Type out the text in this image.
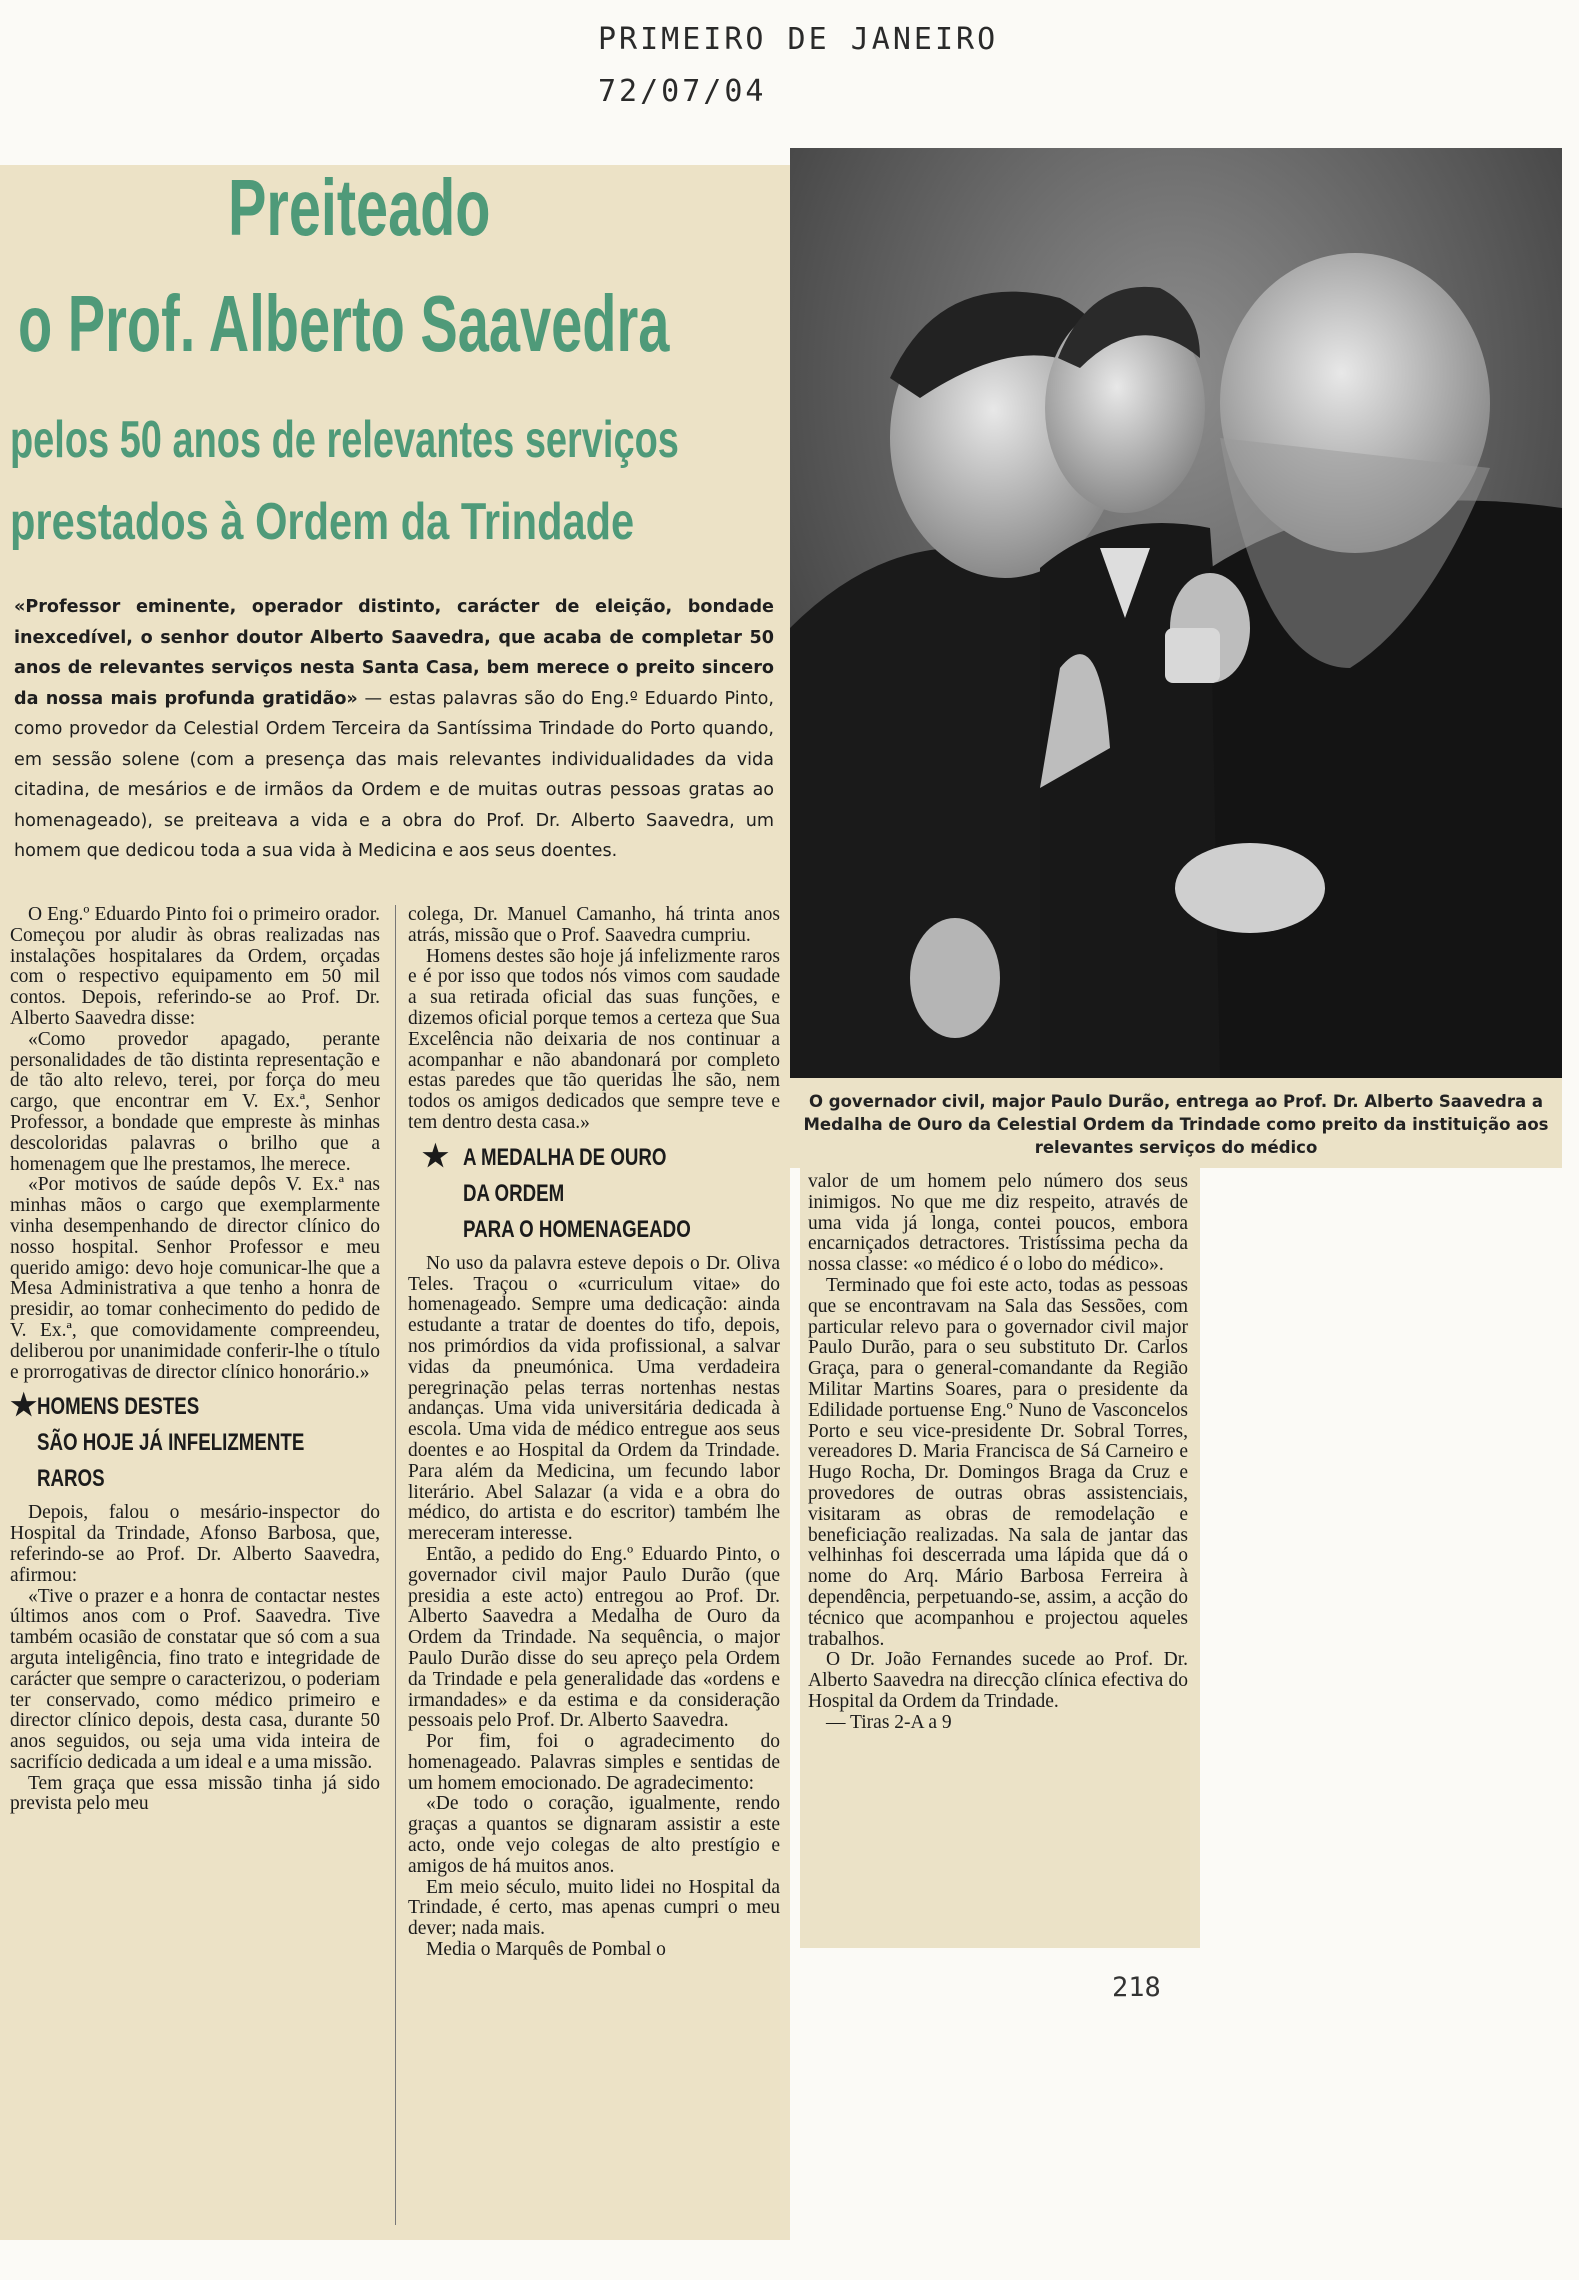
PRIMEIRO DE JANEIRO
72/07/04
Preiteado
o Prof. Alberto Saavedra
pelos 50 anos de relevantes serviços
prestados à Ordem da Trindade
«Professor eminente, operador distinto, carácter de eleição, bondade inexcedível, o senhor doutor Alberto Saavedra, que acaba de completar 50 anos de relevantes serviços nesta Santa Casa, bem merece o preito sincero da nossa mais profunda gratidão» — estas palavras são do Eng.º Eduardo Pinto, como provedor da Celestial Ordem Terceira da Santíssima Trindade do Porto quando, em sessão solene (com a presença das mais relevantes individualidades da vida citadina, de mesários e de irmãos da Ordem e de muitas outras pessoas gratas ao homenageado), se preiteava a vida e a obra do Prof. Dr. Alberto Saavedra, um homem que dedicou toda a sua vida à Medicina e aos seus doentes.

O Eng.º Eduardo Pinto foi o primeiro orador. Começou por aludir às obras realizadas nas instalações hospitalares da Ordem, orçadas com o respectivo equipamento em 50 mil contos. Depois, referindo-se ao Prof. Dr. Alberto Saavedra disse:

«Como provedor apagado, perante personalidades de tão distinta representação e de tão alto relevo, terei, por força do meu cargo, que encontrar em V. Ex.ª, Senhor Professor, a bondade que empreste às minhas descoloridas palavras o brilho que a homenagem que lhe prestamos, lhe merece.

«Por motivos de saúde depôs V. Ex.ª nas minhas mãos o cargo que exemplarmente vinha desempenhando de director clínico do nosso hospital. Senhor Professor e meu querido amigo: devo hoje comunicar-lhe que a Mesa Administrativa a que tenho a honra de presidir, ao tomar conhecimento do pedido de V. Ex.ª, que comovidamente compreendeu, deliberou por unanimidade conferir-lhe o título e prorrogativas de director clínico honorário.»

★ HOMENS DESTES
SÃO HOJE JÁ INFELIZMENTE
RAROS

Depois, falou o mesário-inspector do Hospital da Trindade, Afonso Barbosa, que, referindo-se ao Prof. Dr. Alberto Saavedra, afirmou:

«Tive o prazer e a honra de contactar nestes últimos anos com o Prof. Saavedra. Tive também ocasião de constatar que só com a sua arguta inteligência, fino trato e integridade de carácter que sempre o caracterizou, o poderiam ter conservado, como médico primeiro e director clínico depois, desta casa, durante 50 anos seguidos, ou seja uma vida inteira de sacrifício dedicada a um ideal e a uma missão.

Tem graça que essa missão tinha já sido prevista pelo meu

colega, Dr. Manuel Camanho, há trinta anos atrás, missão que o Prof. Saavedra cumpriu.

Homens destes são hoje já infelizmente raros e é por isso que todos nós vimos com saudade a sua retirada oficial das suas funções, e dizemos oficial porque temos a certeza que Sua Excelência não deixaria de nos continuar a acompanhar e não abandonará por completo estas paredes que tão queridas lhe são, nem todos os amigos dedicados que sempre teve e tem dentro desta casa.»

★ A MEDALHA DE OURO
DA ORDEM
PARA O HOMENAGEADO

No uso da palavra esteve depois o Dr. Oliva Teles. Traçou o «curriculum vitae» do homenageado. Sempre uma dedicação: ainda estudante a tratar de doentes do tifo, depois, nos primórdios da vida profissional, a salvar vidas da pneumónica. Uma verdadeira peregrinação pelas terras nortenhas nestas andanças. Uma vida universitária dedicada à escola. Uma vida de médico entregue aos seus doentes e ao Hospital da Ordem da Trindade. Para além da Medicina, um fecundo labor literário. Abel Salazar (a vida e a obra do médico, do artista e do escritor) também lhe mereceram interesse.

Então, a pedido do Eng.º Eduardo Pinto, o governador civil major Paulo Durão (que presidia a este acto) entregou ao Prof. Dr. Alberto Saavedra a Medalha de Ouro da Ordem da Trindade. Na sequência, o major Paulo Durão disse do seu apreço pela Ordem da Trindade e pela generalidade das «ordens e irmandades» e da estima e da consideração pessoais pelo Prof. Dr. Alberto Saavedra.

Por fim, foi o agradecimento do homenageado. Palavras simples e sentidas de um homem emocionado. De agradecimento:

«De todo o coração, igualmente, rendo graças a quantos se dignaram assistir a este acto, onde vejo colegas de alto prestígio e amigos de há muitos anos.

Em meio século, muito lidei no Hospital da Trindade, é certo, mas apenas cumpri o meu dever; nada mais.

Media o Marquês de Pombal o

O governador civil, major Paulo Durão, entrega ao Prof. Dr. Alberto Saavedra a Medalha de Ouro da Celestial Ordem da Trindade como preito da instituição aos relevantes serviços do médico

valor de um homem pelo número dos seus inimigos. No que me diz respeito, através de uma vida já longa, contei poucos, embora encarniçados detractores. Tristíssima pecha da nossa classe: «o médico é o lobo do médico».

Terminado que foi este acto, todas as pessoas que se encontravam na Sala das Sessões, com particular relevo para o governador civil major Paulo Durão, para o seu substituto Dr. Carlos Graça, para o general-comandante da Região Militar Martins Soares, para o presidente da Edilidade portuense Eng.º Nuno de Vasconcelos Porto e seu vice-presidente Dr. Sobral Torres, vereadores D. Maria Francisca de Sá Carneiro e Hugo Rocha, Dr. Domingos Braga da Cruz e provedores de outras obras assistenciais, visitaram as obras de remodelação e beneficiação realizadas. Na sala de jantar das velhinhas foi descerrada uma lápida que dá o nome do Arq. Mário Barbosa Ferreira à dependência, perpetuando-se, assim, a acção do técnico que acompanhou e projectou aqueles trabalhos.

O Dr. João Fernandes sucede ao Prof. Dr. Alberto Saavedra na direcção clínica efectiva do Hospital da Ordem da Trindade.

— Tiras 2-A a 9

218
